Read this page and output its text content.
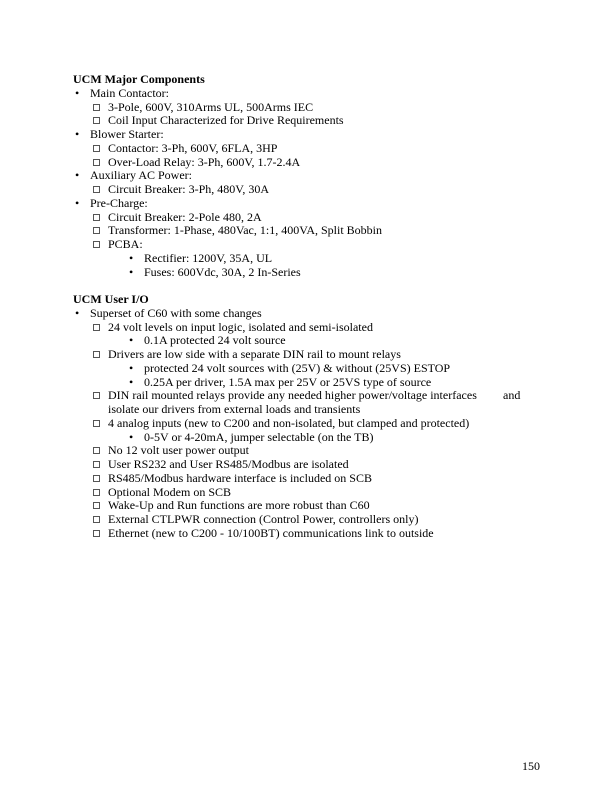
UCM Major Components
• Main Contactor:
3-Pole, 600V, 310Arms UL, 500Arms IEC
Coil Input Characterized for Drive Requirements
• Blower Starter:
Contactor: 3-Ph, 600V, 6FLA, 3HP
Over-Load Relay: 3-Ph, 600V, 1.7-2.4A
• Auxiliary AC Power:
Circuit Breaker: 3-Ph, 480V, 30A
• Pre-Charge:
Circuit Breaker: 2-Pole 480, 2A
Transformer: 1-Phase, 480Vac, 1:1, 400VA, Split Bobbin
PCBA:
• Rectifier: 1200V, 35A, UL
• Fuses: 600Vdc, 30A, 2 In-Series
UCM User I/O
• Superset of C60 with some changes
24 volt levels on input logic, isolated and semi-isolated
• 0.1A protected 24 volt source
Drivers are low side with a separate DIN rail to mount relays
• protected 24 volt sources with (25V) & without (25VS) ESTOP
• 0.25A per driver, 1.5A max per 25V or 25VS type of source
DIN rail mounted relays provide any needed higher power/voltage interfaces and
isolate our drivers from external loads and transients
4 analog inputs (new to C200 and non-isolated, but clamped and protected)
• 0-5V or 4-20mA, jumper selectable (on the TB)
No 12 volt user power output
User RS232 and User RS485/Modbus are isolated
RS485/Modbus hardware interface is included on SCB
Optional Modem on SCB
Wake-Up and Run functions are more robust than C60
External CTLPWR connection (Control Power, controllers only)
Ethernet (new to C200 - 10/100BT) communications link to outside
150
